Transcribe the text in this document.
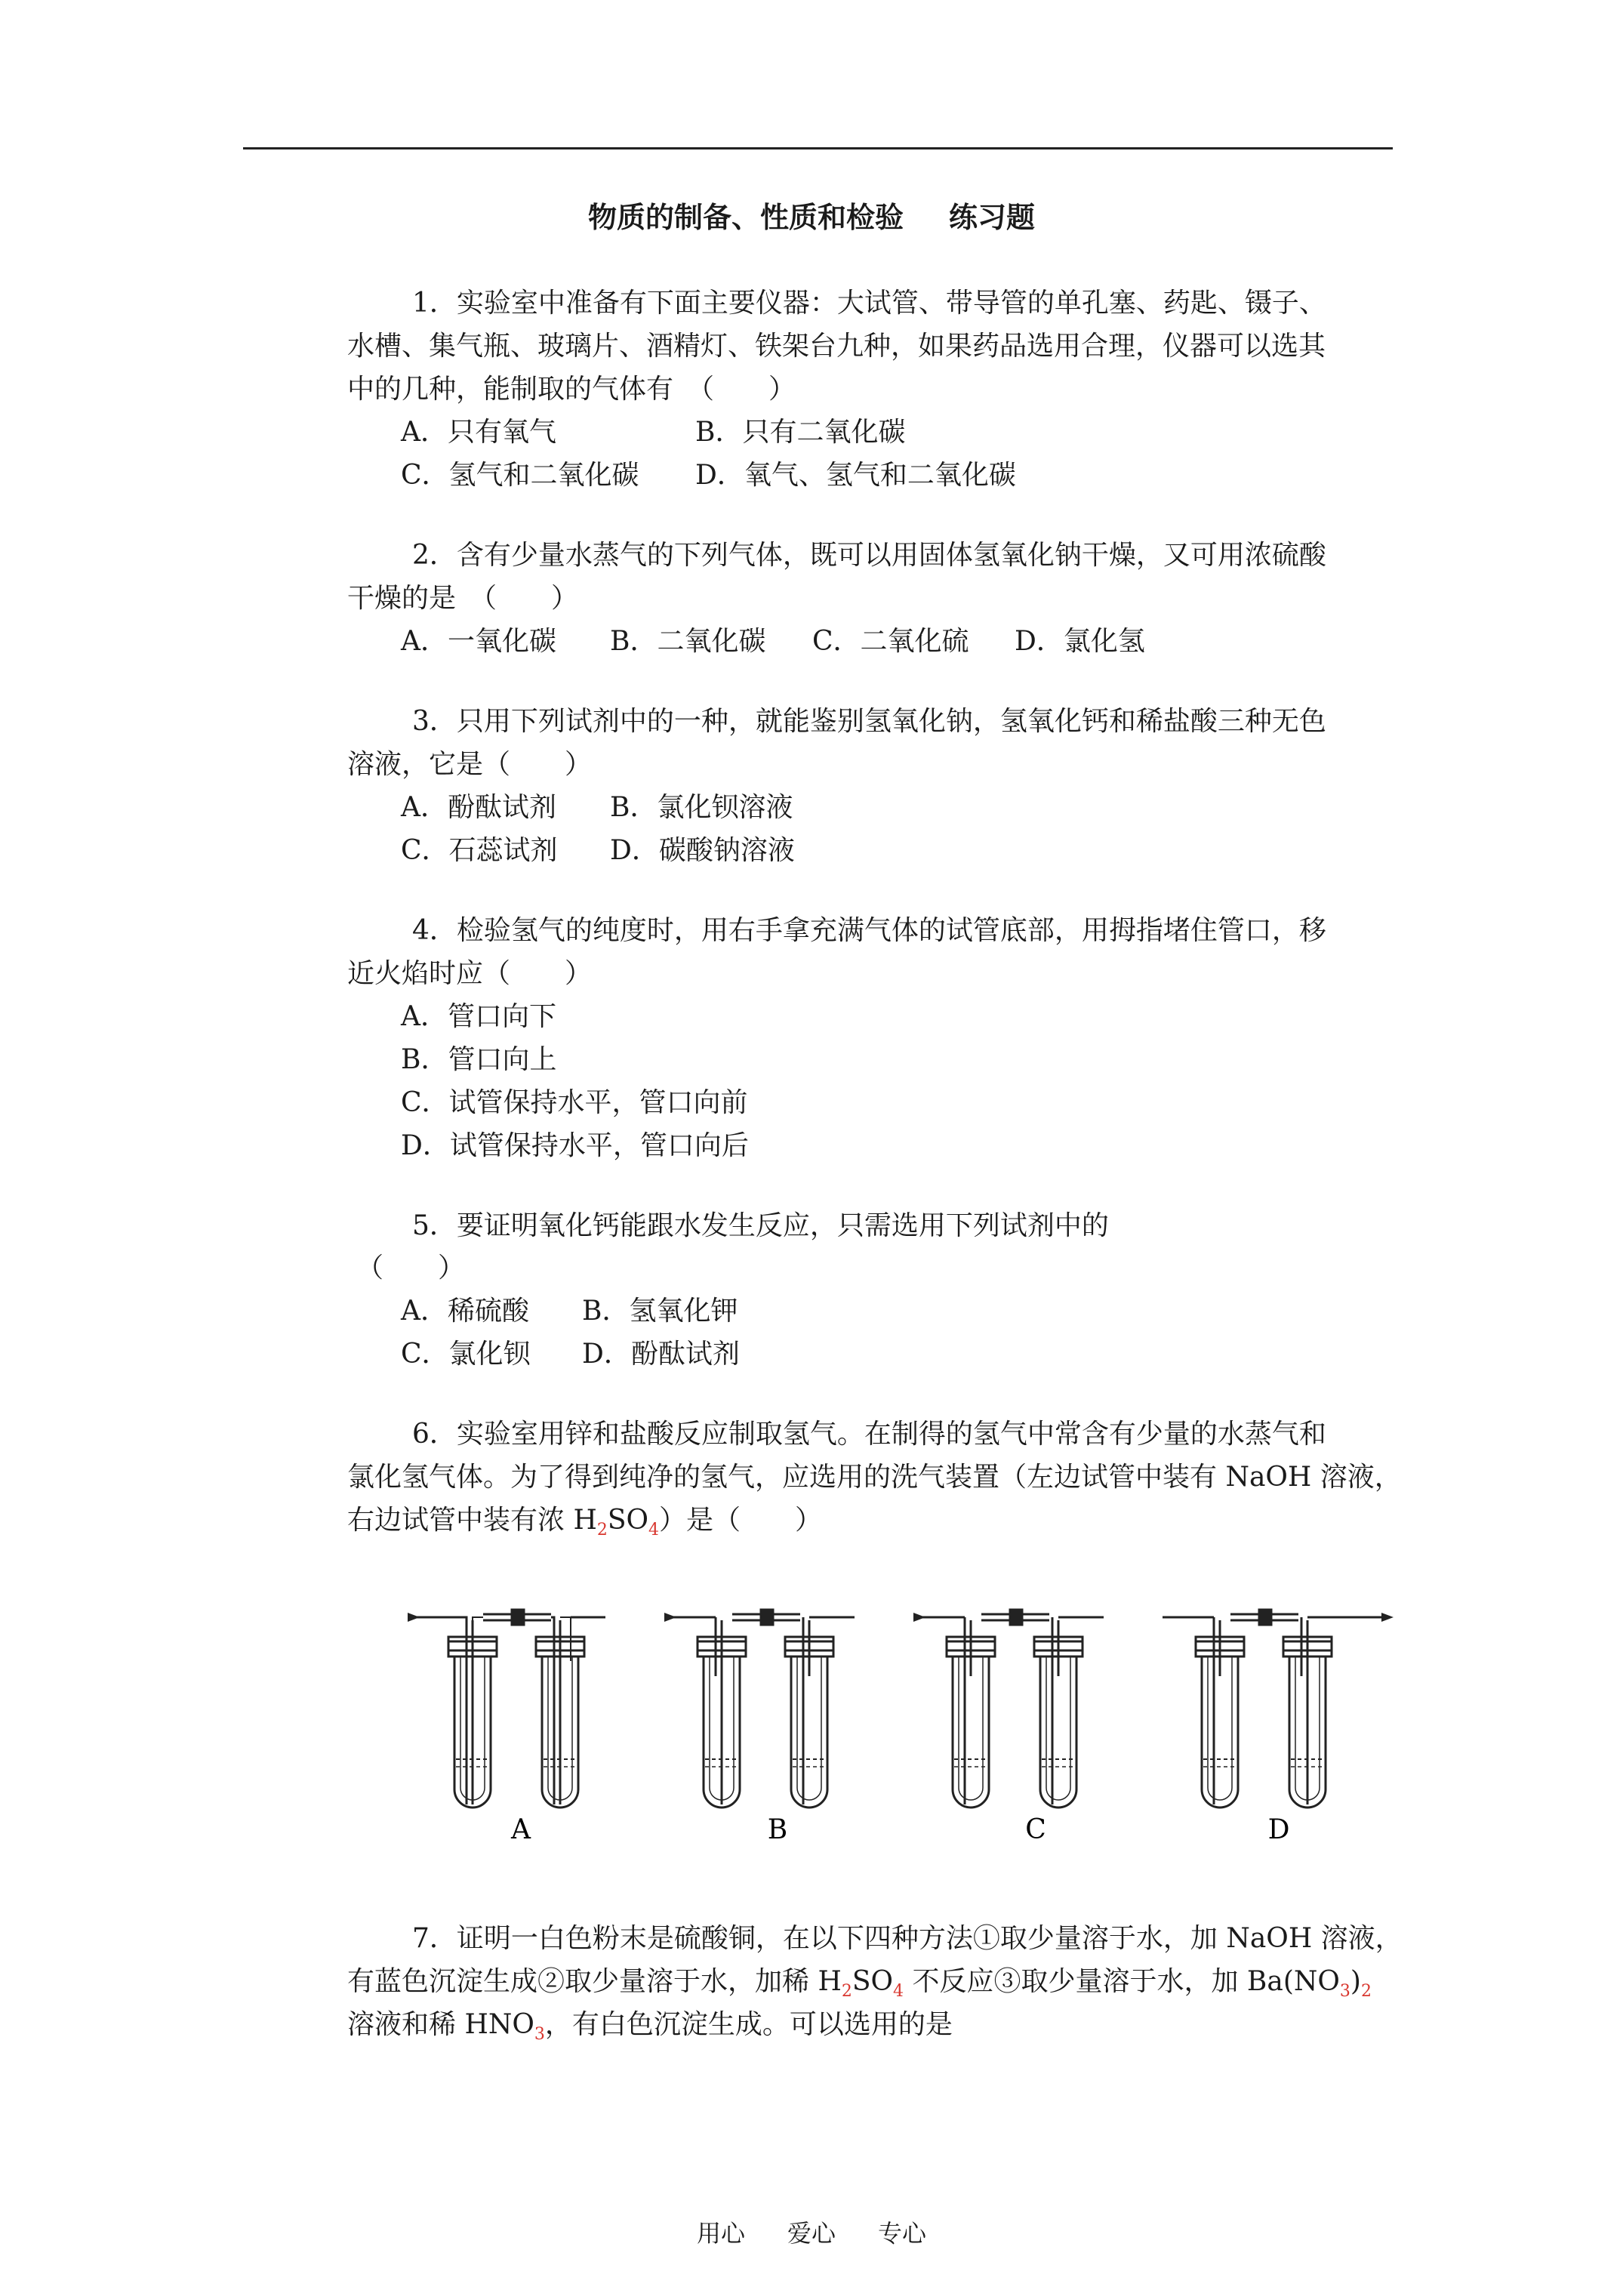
物质的制备、性质和检验 练习题
1．实验室中准备有下面主要仪器：大试管、带导管的单孔塞、药匙、镊子、
水槽、集气瓶、玻璃片、酒精灯、铁架台九种，如果药品选用合理，仪器可以选其
中的几种，能制取的气体有　（　　）
A．只有氧气	B．只有二氧化碳
C．氢气和二氧化碳 D．氧气、氢气和二氧化碳
2．含有少量水蒸气的下列气体，既可以用固体氢氧化钠干燥，又可用浓硫酸
干燥的是　（　　）
A．一氧化碳 B．二氧化碳 C．二氧化硫 D．氯化氢
3．只用下列试剂中的一种，就能鉴别氢氧化钠，氢氧化钙和稀盐酸三种无色
溶液，它是（　　）
A．酚酞试剂 B．氯化钡溶液
C．石蕊试剂 D．碳酸钠溶液
4．检验氢气的纯度时，用右手拿充满气体的试管底部，用拇指堵住管口，移
近火焰时应（　　）
A．管口向下
B．管口向上
C．试管保持水平，管口向前
D．试管保持水平，管口向后
5．要证明氧化钙能跟水发生反应，只需选用下列试剂中的
（　　）
A．稀硫酸 B．氢氧化钾
C．氯化钡 D．酚酞试剂
6．实验室用锌和盐酸反应制取氢气。在制得的氢气中常含有少量的水蒸气和
氯化氢气体。为了得到纯净的氢气，应选用的洗气装置（左边试管中装有 NaOH 溶液，
右边试管中装有浓 $H_2SO_4$）是（　　）
A	B	C	D
7．证明一白色粉末是硫酸铜，在以下四种方法①取少量溶于水，加 NaOH 溶液，
有蓝色沉淀生成②取少量溶于水，加稀 $H_2SO_4$ 不反应③取少量溶于水，加 $Ba(NO_3)_2$
溶液和稀 $HNO_3$，有白色沉淀生成。可以选用的是
用心 爱心 专心
